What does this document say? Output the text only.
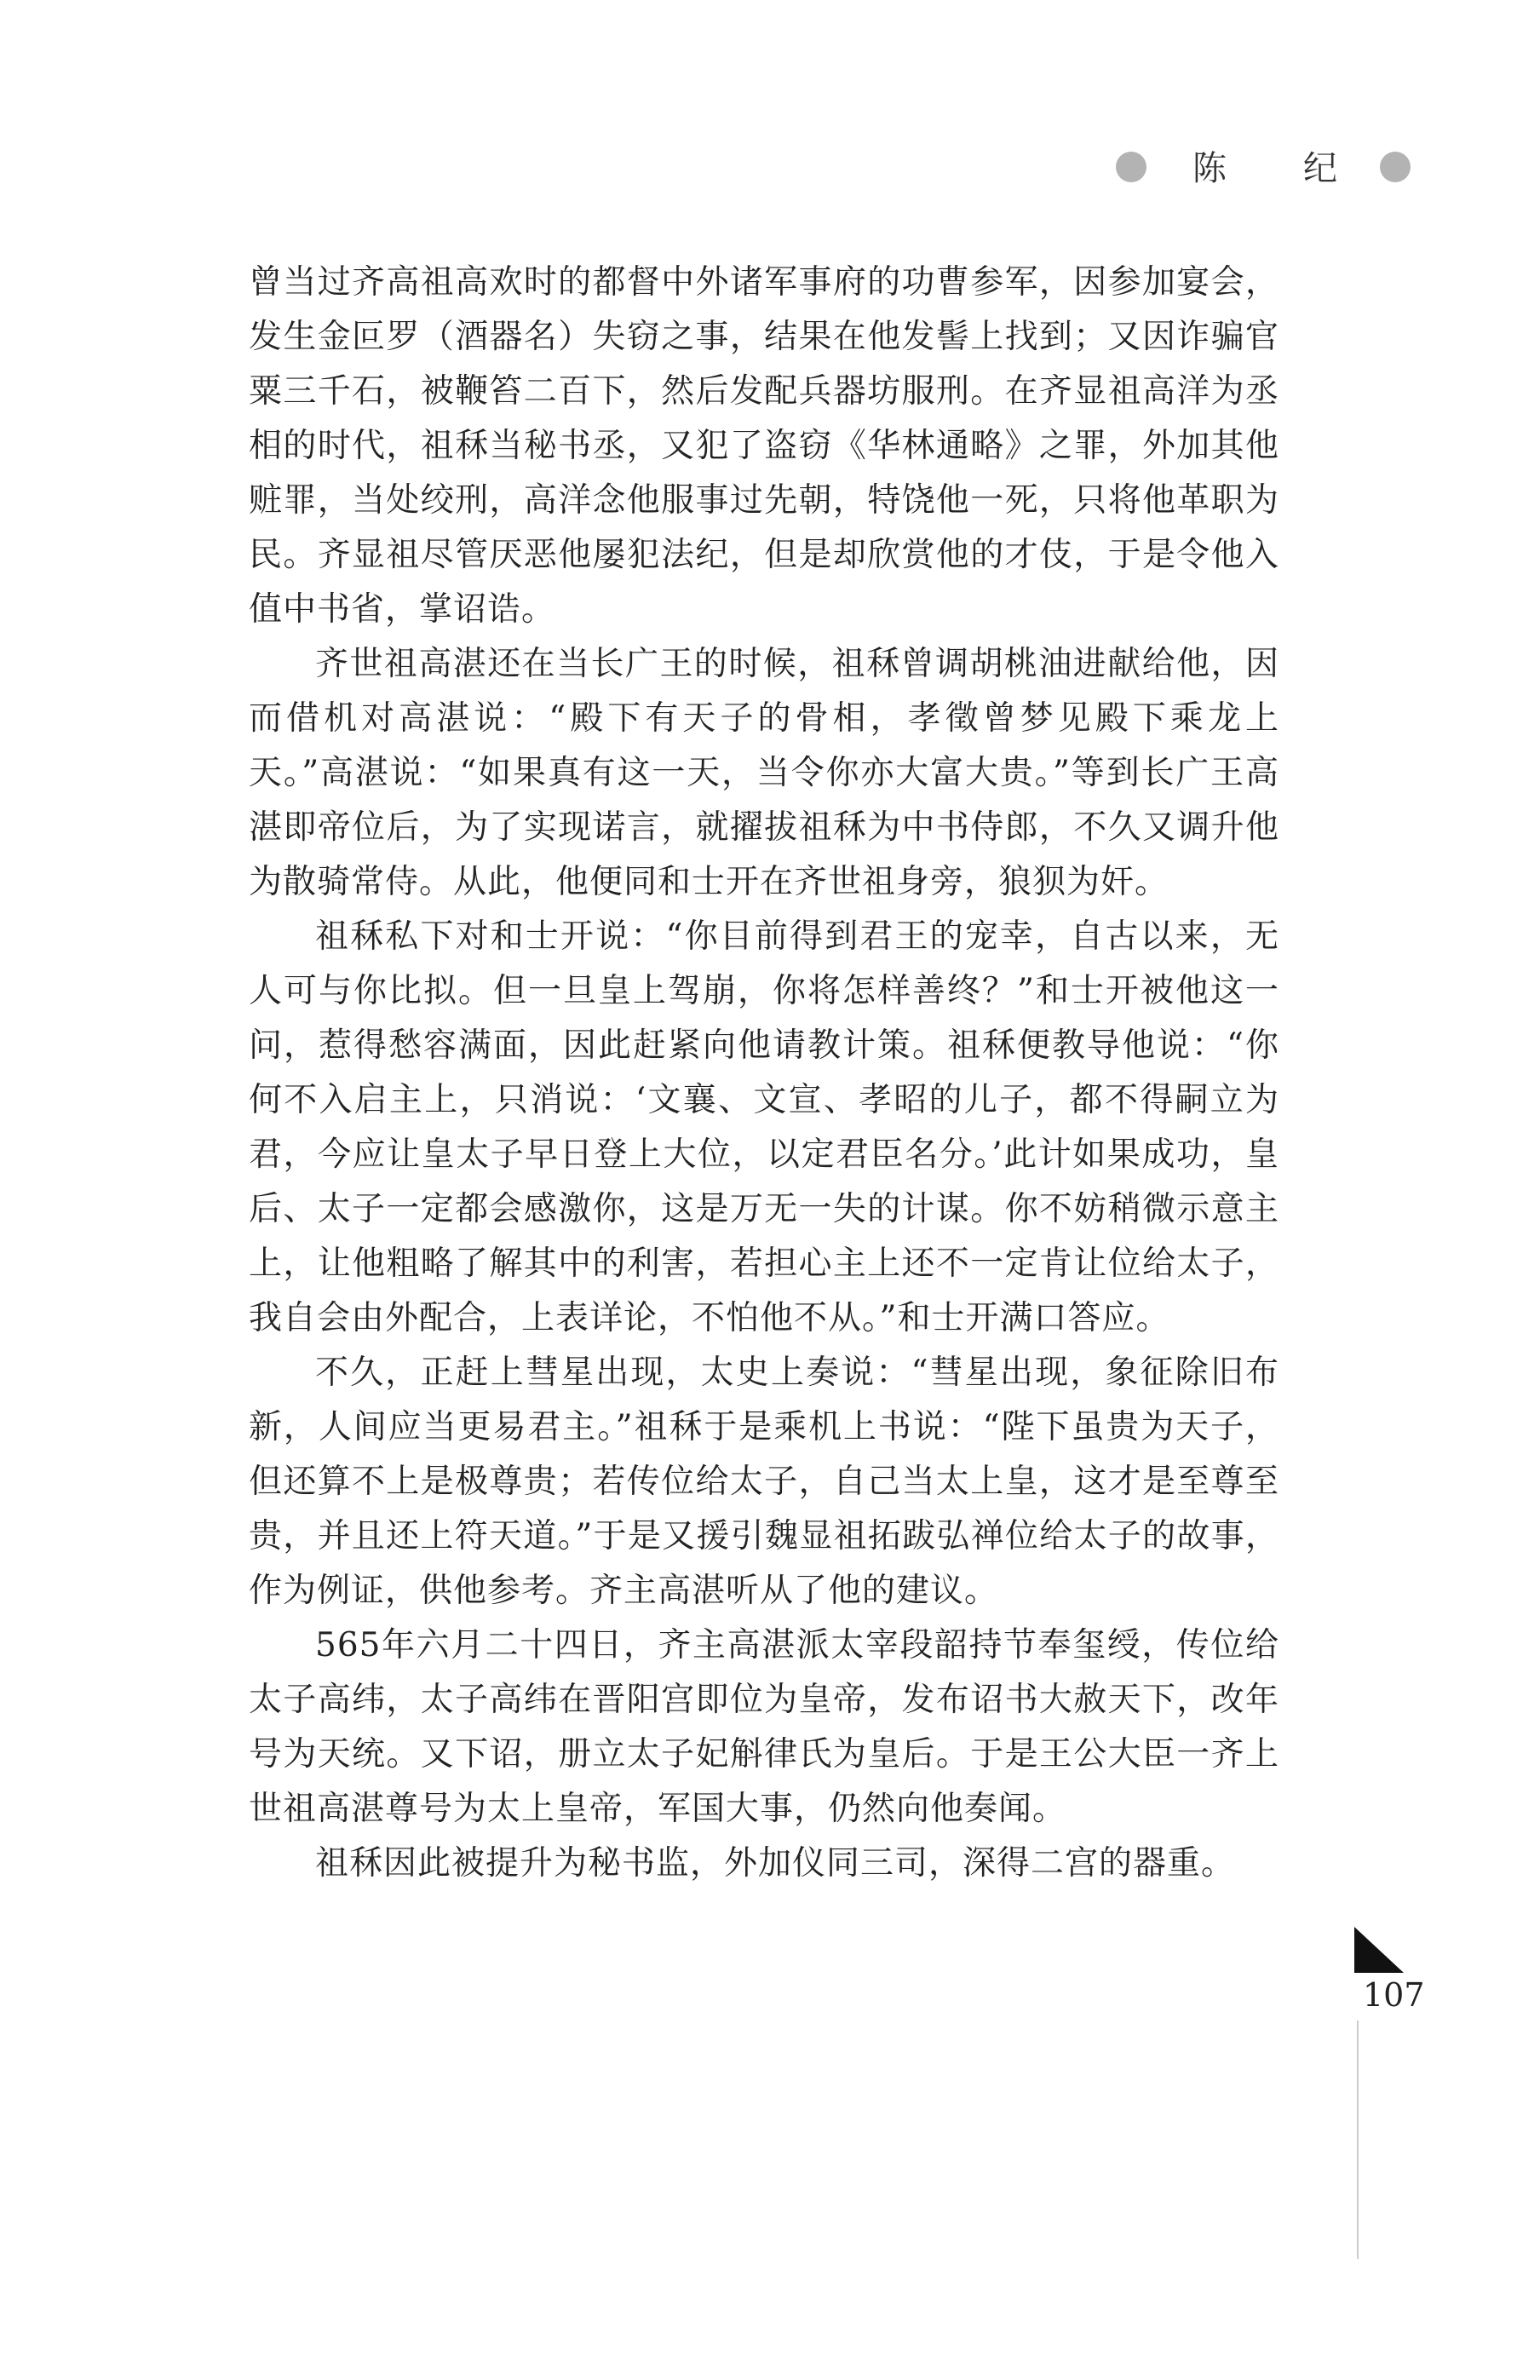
陈 纪

曾当过齐高祖高欢时的都督中外诸军事府的功曹参军，因参加宴会，发生金叵罗（酒器名）失窃之事，结果在他发髻上找到；又因诈骗官粟三千石，被鞭笞二百下，然后发配兵器坊服刑。在齐显祖高洋为丞相的时代，祖秝当秘书丞，又犯了盗窃《华林通略》之罪，外加其他赃罪，当处绞刑，高洋念他服事过先朝，特饶他一死，只将他革职为民。齐显祖尽管厌恶他屡犯法纪，但是却欣赏他的才伎，于是令他入值中书省，掌诏诰。

齐世祖高湛还在当长广王的时候，祖秝曾调胡桃油进献给他，因而借机对高湛说：“殿下有天子的骨相，孝徵曾梦见殿下乘龙上天。”高湛说：“如果真有这一天，当令你亦大富大贵。”等到长广王高湛即帝位后，为了实现诺言，就擢拔祖秝为中书侍郎，不久又调升他为散骑常侍。从此，他便同和士开在齐世祖身旁，狼狈为奸。

祖秝私下对和士开说：“你目前得到君王的宠幸，自古以来，无人可与你比拟。但一旦皇上驾崩，你将怎样善终？”和士开被他这一问，惹得愁容满面，因此赶紧向他请教计策。祖秝便教导他说：“你何不入启主上，只消说：‘文襄、文宣、孝昭的儿子，都不得嗣立为君，今应让皇太子早日登上大位，以定君臣名分。’此计如果成功，皇后、太子一定都会感激你，这是万无一失的计谋。你不妨稍微示意主上，让他粗略了解其中的利害，若担心主上还不一定肯让位给太子，我自会由外配合，上表详论，不怕他不从。”和士开满口答应。

不久，正赶上彗星出现，太史上奏说：“彗星出现，象征除旧布新，人间应当更易君主。”祖秝于是乘机上书说：“陛下虽贵为天子，但还算不上是极尊贵；若传位给太子，自己当太上皇，这才是至尊至贵，并且还上符天道。”于是又援引魏显祖拓跋弘禅位给太子的故事，作为例证，供他参考。齐主高湛听从了他的建议。

565年六月二十四日，齐主高湛派太宰段韶持节奉玺绶，传位给太子高纬，太子高纬在晋阳宫即位为皇帝，发布诏书大赦天下，改年号为天统。又下诏，册立太子妃斛律氏为皇后。于是王公大臣一齐上世祖高湛尊号为太上皇帝，军国大事，仍然向他奏闻。

祖秝因此被提升为秘书监，外加仪同三司，深得二宫的器重。

107
